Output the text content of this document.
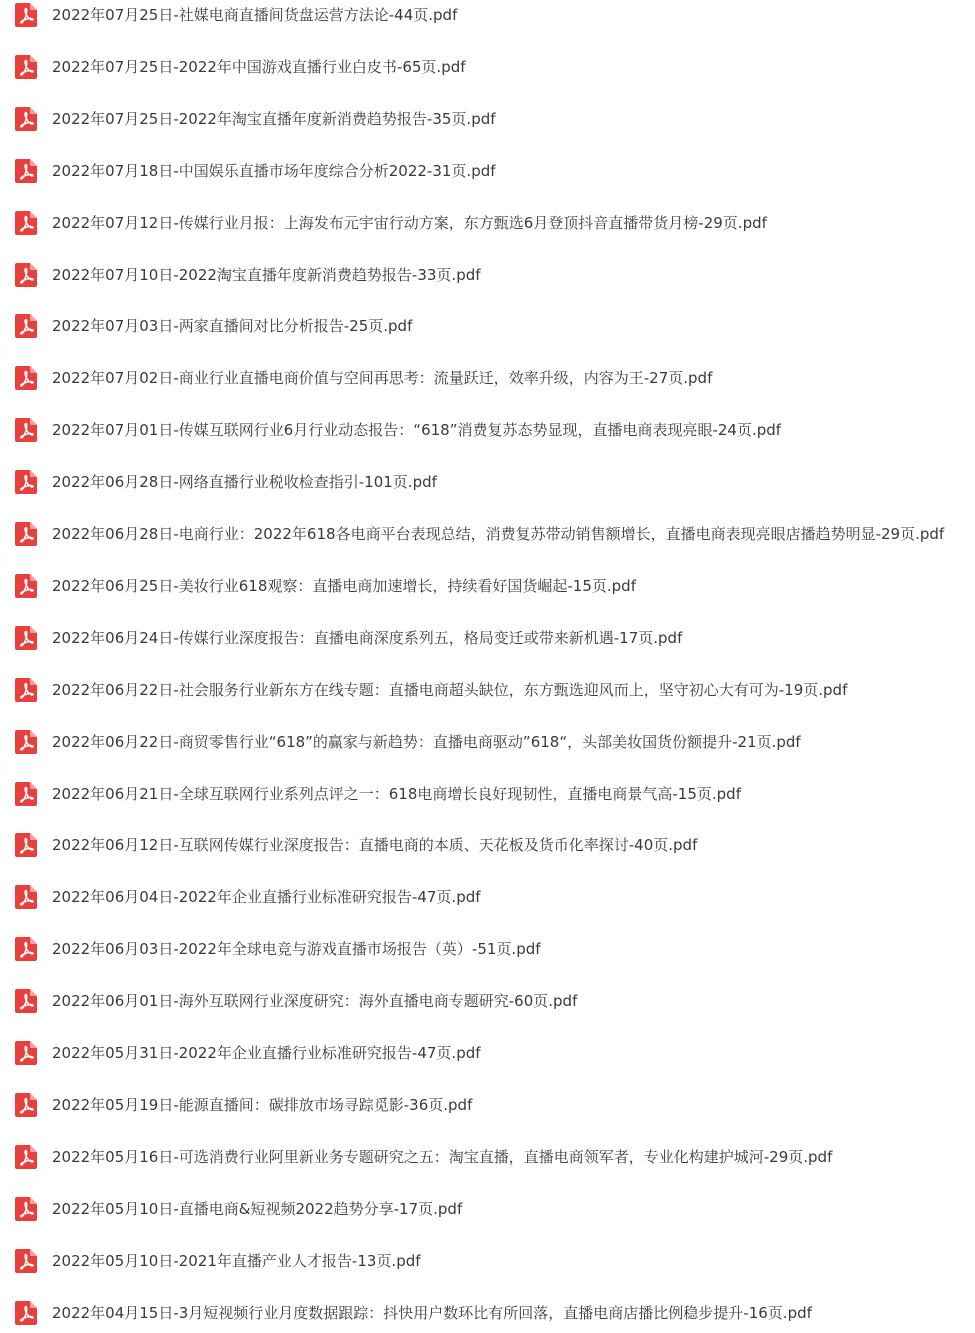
2022年07月25日-社媒电商直播间货盘运营方法论-44页.pdf
2022年07月25日-2022年中国游戏直播行业白皮书-65页.pdf
2022年07月25日-2022年淘宝直播年度新消费趋势报告-35页.pdf
2022年07月18日-中国娱乐直播市场年度综合分析2022-31页.pdf
2022年07月12日-传媒行业月报：上海发布元宇宙行动方案，东方甄选6月登顶抖音直播带货月榜-29页.pdf
2022年07月10日-2022淘宝直播年度新消费趋势报告-33页.pdf
2022年07月03日-两家直播间对比分析报告-25页.pdf
2022年07月02日-商业行业直播电商价值与空间再思考：流量跃迁，效率升级，内容为王-27页.pdf
2022年07月01日-传媒互联网行业6月行业动态报告：“618”消费复苏态势显现，直播电商表现亮眼-24页.pdf
2022年06月28日-网络直播行业税收检查指引-101页.pdf
2022年06月28日-电商行业：2022年618各电商平台表现总结，消费复苏带动销售额增长，直播电商表现亮眼店播趋势明显-29页.pdf
2022年06月25日-美妆行业618观察：直播电商加速增长，持续看好国货崛起-15页.pdf
2022年06月24日-传媒行业深度报告：直播电商深度系列五，格局变迁或带来新机遇-17页.pdf
2022年06月22日-社会服务行业新东方在线专题：直播电商超头缺位，东方甄选迎风而上，坚守初心大有可为-19页.pdf
2022年06月22日-商贸零售行业“618”的赢家与新趋势：直播电商驱动”618“，头部美妆国货份额提升-21页.pdf
2022年06月21日-全球互联网行业系列点评之一：618电商增长良好现韧性，直播电商景气高-15页.pdf
2022年06月12日-互联网传媒行业深度报告：直播电商的本质、天花板及货币化率探讨-40页.pdf
2022年06月04日-2022年企业直播行业标准研究报告-47页.pdf
2022年06月03日-2022年全球电竞与游戏直播市场报告（英）-51页.pdf
2022年06月01日-海外互联网行业深度研究：海外直播电商专题研究-60页.pdf
2022年05月31日-2022年企业直播行业标准研究报告-47页.pdf
2022年05月19日-能源直播间：碳排放市场寻踪觅影-36页.pdf
2022年05月16日-可选消费行业阿里新业务专题研究之五：淘宝直播，直播电商领军者，专业化构建护城河-29页.pdf
2022年05月10日-直播电商&短视频2022趋势分享-17页.pdf
2022年05月10日-2021年直播产业人才报告-13页.pdf
2022年04月15日-3月短视频行业月度数据跟踪：抖快用户数环比有所回落，直播电商店播比例稳步提升-16页.pdf
